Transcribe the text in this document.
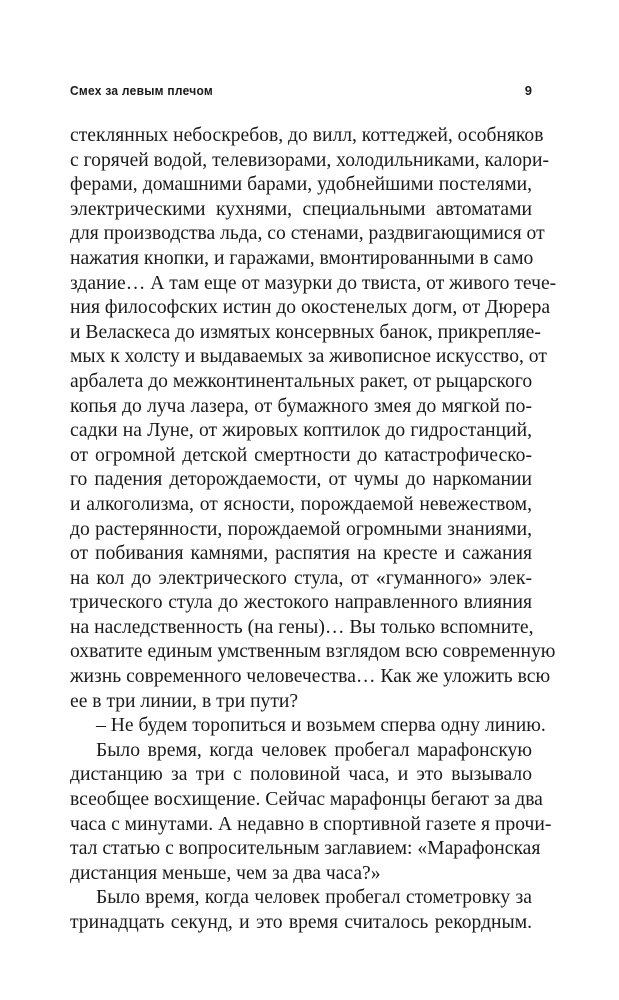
Смех за левым плечом	9
стеклянных небоскребов, до вилл, коттеджей, особняков
с горячей водой, телевизорами, холодильниками, калори-
ферами, домашними барами, удобнейшими постелями,
электрическими кухнями, специальными автоматами
для производства льда, со стенами, раздвигающимися от
нажатия кнопки, и гаражами, вмонтированными в само
здание… А там еще от мазурки до твиста, от живого тече-
ния философских истин до окостенелых догм, от Дюрера
и Веласкеса до измятых консервных банок, прикрепляе-
мых к холсту и выдаваемых за живописное искусство, от
арбалета до межконтинентальных ракет, от рыцарского
копья до луча лазера, от бумажного змея до мягкой по-
садки на Луне, от жировых коптилок до гидростанций,
от огромной детской смертности до катастрофическо-
го падения деторождаемости, от чумы до наркомании
и алкоголизма, от ясности, порождаемой невежеством,
до растерянности, порождаемой огромными знаниями,
от побивания камнями, распятия на кресте и сажания
на кол до электрического стула, от «гуманного» элек-
трического стула до жестокого направленного влияния
на наследственность (на гены)… Вы только вспомните,
охватите единым умственным взглядом всю современную
жизнь современного человечества… Как же уложить всю
ее в три линии, в три пути?
– Не будем торопиться и возьмем сперва одну линию.
Было время, когда человек пробегал марафонскую
дистанцию за три с половиной часа, и это вызывало
всеобщее восхищение. Сейчас марафонцы бегают за два
часа с минутами. А недавно в спортивной газете я прочи-
тал статью с вопросительным заглавием: «Марафонская
дистанция меньше, чем за два часа?»
Было время, когда человек пробегал стометровку за
тринадцать секунд, и это время считалось рекордным.
